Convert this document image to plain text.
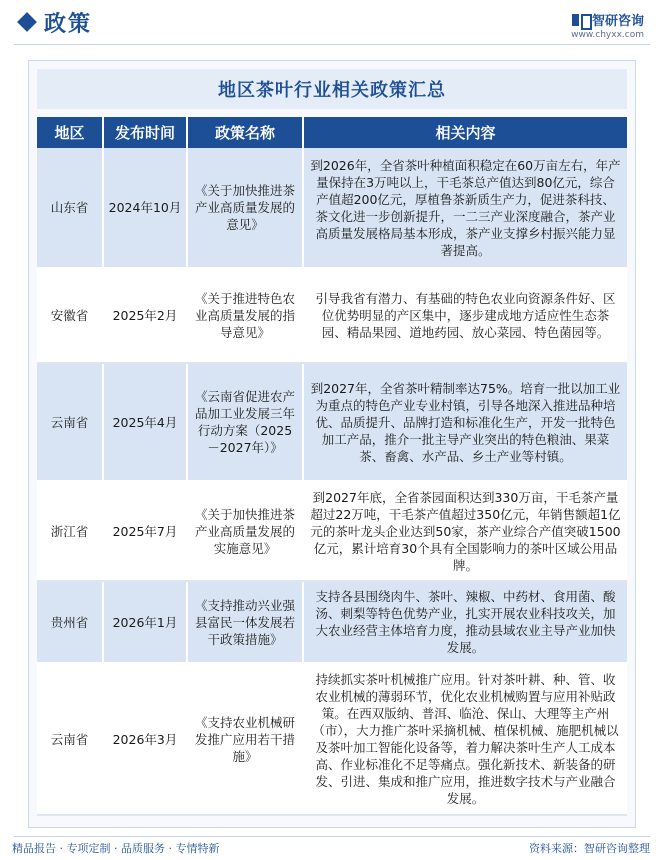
政策	智研咨询
www.chyxx.com
地区茶叶行业相关政策汇总
地区	发布时间	政策名称	相关内容
山东省	2024年10月	《关于加快推进茶产业高质量发展的意见》	到2026年，全省茶叶种植面积稳定在60万亩左右，年产量保持在3万吨以上，干毛茶总产值达到80亿元，综合产值超200亿元，厚植鲁茶新质生产力，促进茶科技、茶文化进一步创新提升，一二三产业深度融合，茶产业高质量发展格局基本形成，茶产业支撑乡村振兴能力显著提高。
安徽省	2025年2月	《关于推进特色农业高质量发展的指导意见》	引导我省有潜力、有基础的特色农业向资源条件好、区位优势明显的产区集中，逐步建成地方适应性生态茶园、精品果园、道地药园、放心菜园、特色菌园等。
云南省	2025年4月	《云南省促进农产品加工业发展三年行动方案（2025－2027年）》	到2027年，全省茶叶精制率达75%。培育一批以加工业为重点的特色产业专业村镇，引导各地深入推进品种培优、品质提升、品牌打造和标准化生产，开发一批特色加工产品，推介一批主导产业突出的特色粮油、果菜茶、畜禽、水产品、乡土产业等村镇。
浙江省	2025年7月	《关于加快推进茶产业高质量发展的实施意见》	到2027年底，全省茶园面积达到330万亩，干毛茶产量超过22万吨，干毛茶产值超过350亿元，年销售额超1亿元的茶叶龙头企业达到50家，茶产业综合产值突破1500亿元，累计培育30个具有全国影响力的茶叶区域公用品牌。
贵州省	2026年1月	《支持推动兴业强县富民一体发展若干政策措施》	支持各县围绕肉牛、茶叶、辣椒、中药材、食用菌、酸汤、刺梨等特色优势产业，扎实开展农业科技攻关，加大农业经营主体培育力度，推动县域农业主导产业加快发展。
云南省	2026年3月	《支持农业机械研发推广应用若干措施》	持续抓实茶叶机械推广应用。针对茶叶耕、种、管、收农业机械的薄弱环节，优化农业机械购置与应用补贴政策。在西双版纳、普洱、临沧、保山、大理等主产州（市），大力推广茶叶采摘机械、植保机械、施肥机械以及茶叶加工智能化设备等，着力解决茶叶生产人工成本高、作业标准化不足等痛点。强化新技术、新装备的研发、引进、集成和推广应用，推进数字技术与产业融合发展。
精品报告 · 专项定制 · 品质服务 · 专情特新	资料来源：智研咨询整理
